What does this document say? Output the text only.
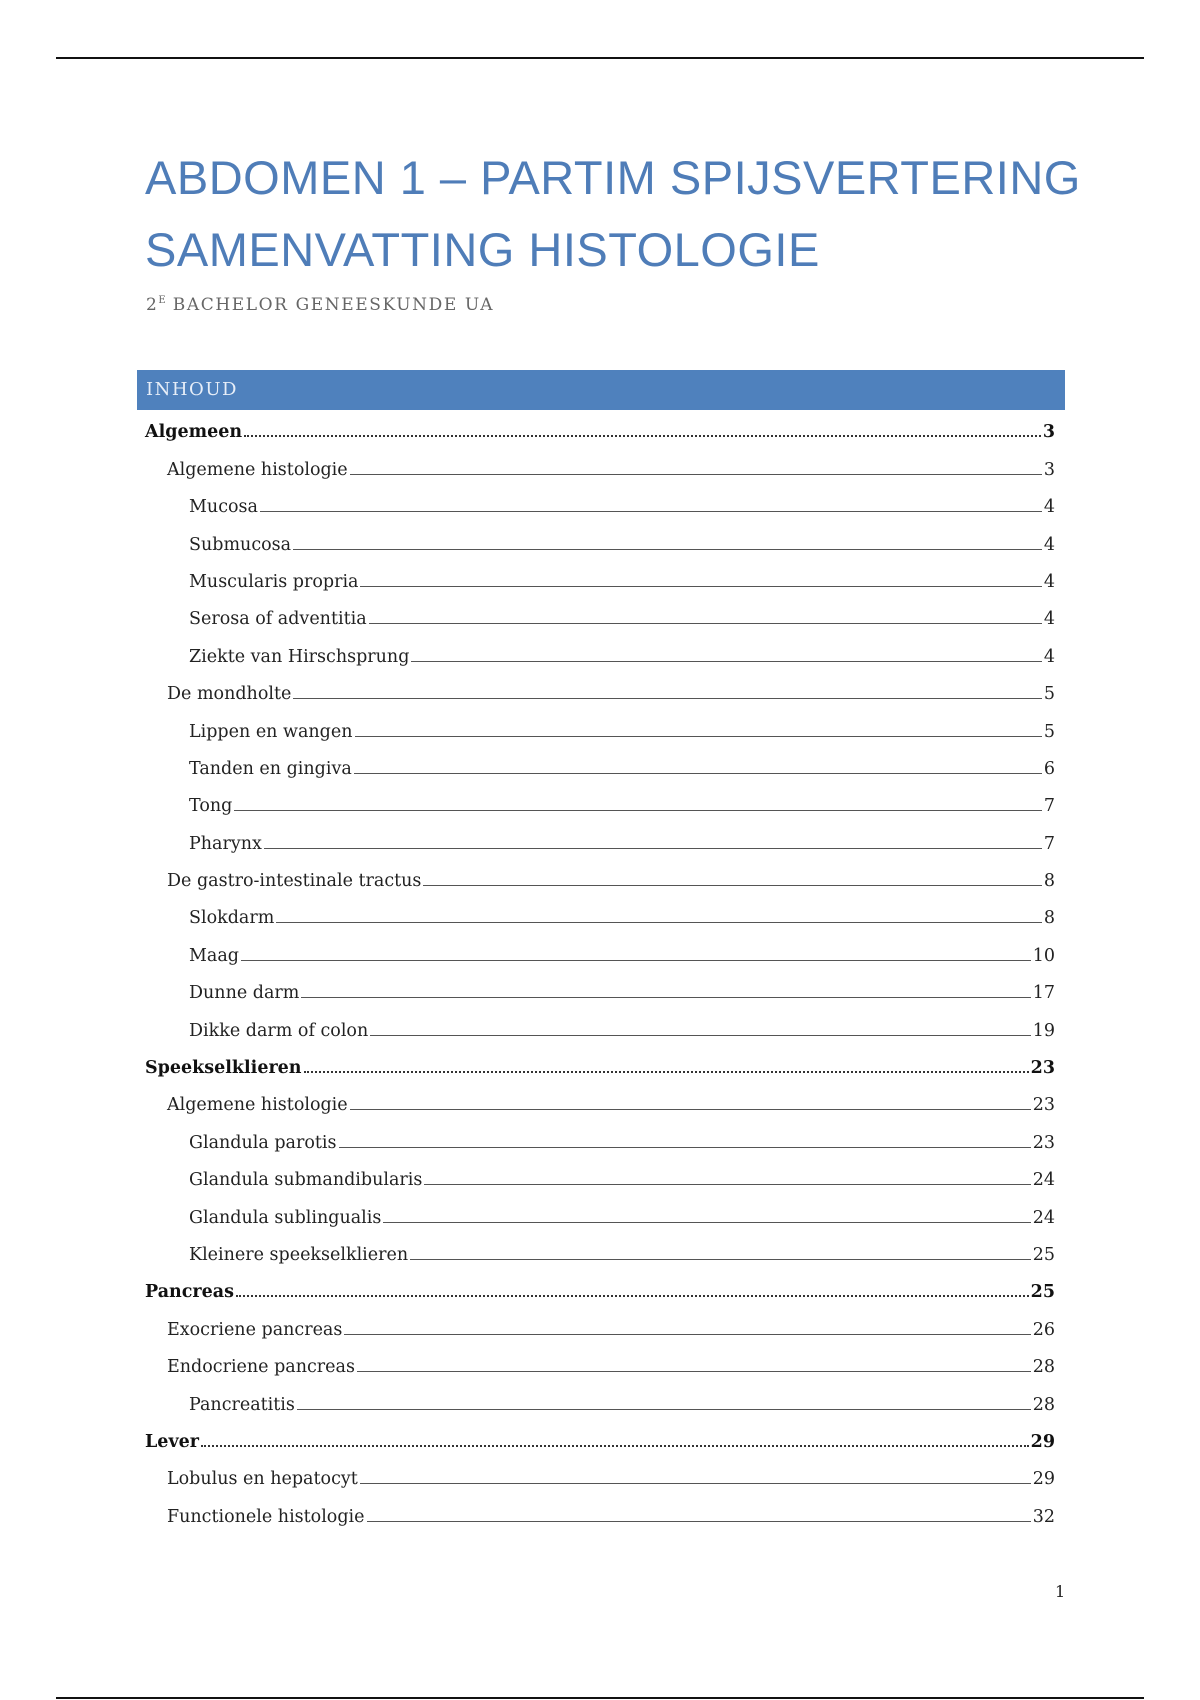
ABDOMEN 1 – PARTIM SPIJSVERTERING
SAMENVATTING HISTOLOGIE
$2^E$ BACHELOR GENEESKUNDE UA
INHOUD
Algemeen	3
Algemene histologie	3
Mucosa	4
Submucosa	4
Muscularis propria	4
Serosa of adventitia	4
Ziekte van Hirschsprung	4
De mondholte	5
Lippen en wangen	5
Tanden en gingiva	6
Tong	7
Pharynx	7
De gastro-intestinale tractus	8
Slokdarm	8
Maag	10
Dunne darm	17
Dikke darm of colon	19
Speekselklieren	23
Algemene histologie	23
Glandula parotis	23
Glandula submandibularis	24
Glandula sublingualis	24
Kleinere speekselklieren	25
Pancreas	25
Exocriene pancreas	26
Endocriene pancreas	28
Pancreatitis	28
Lever	29
Lobulus en hepatocyt	29
Functionele histologie	32
1
